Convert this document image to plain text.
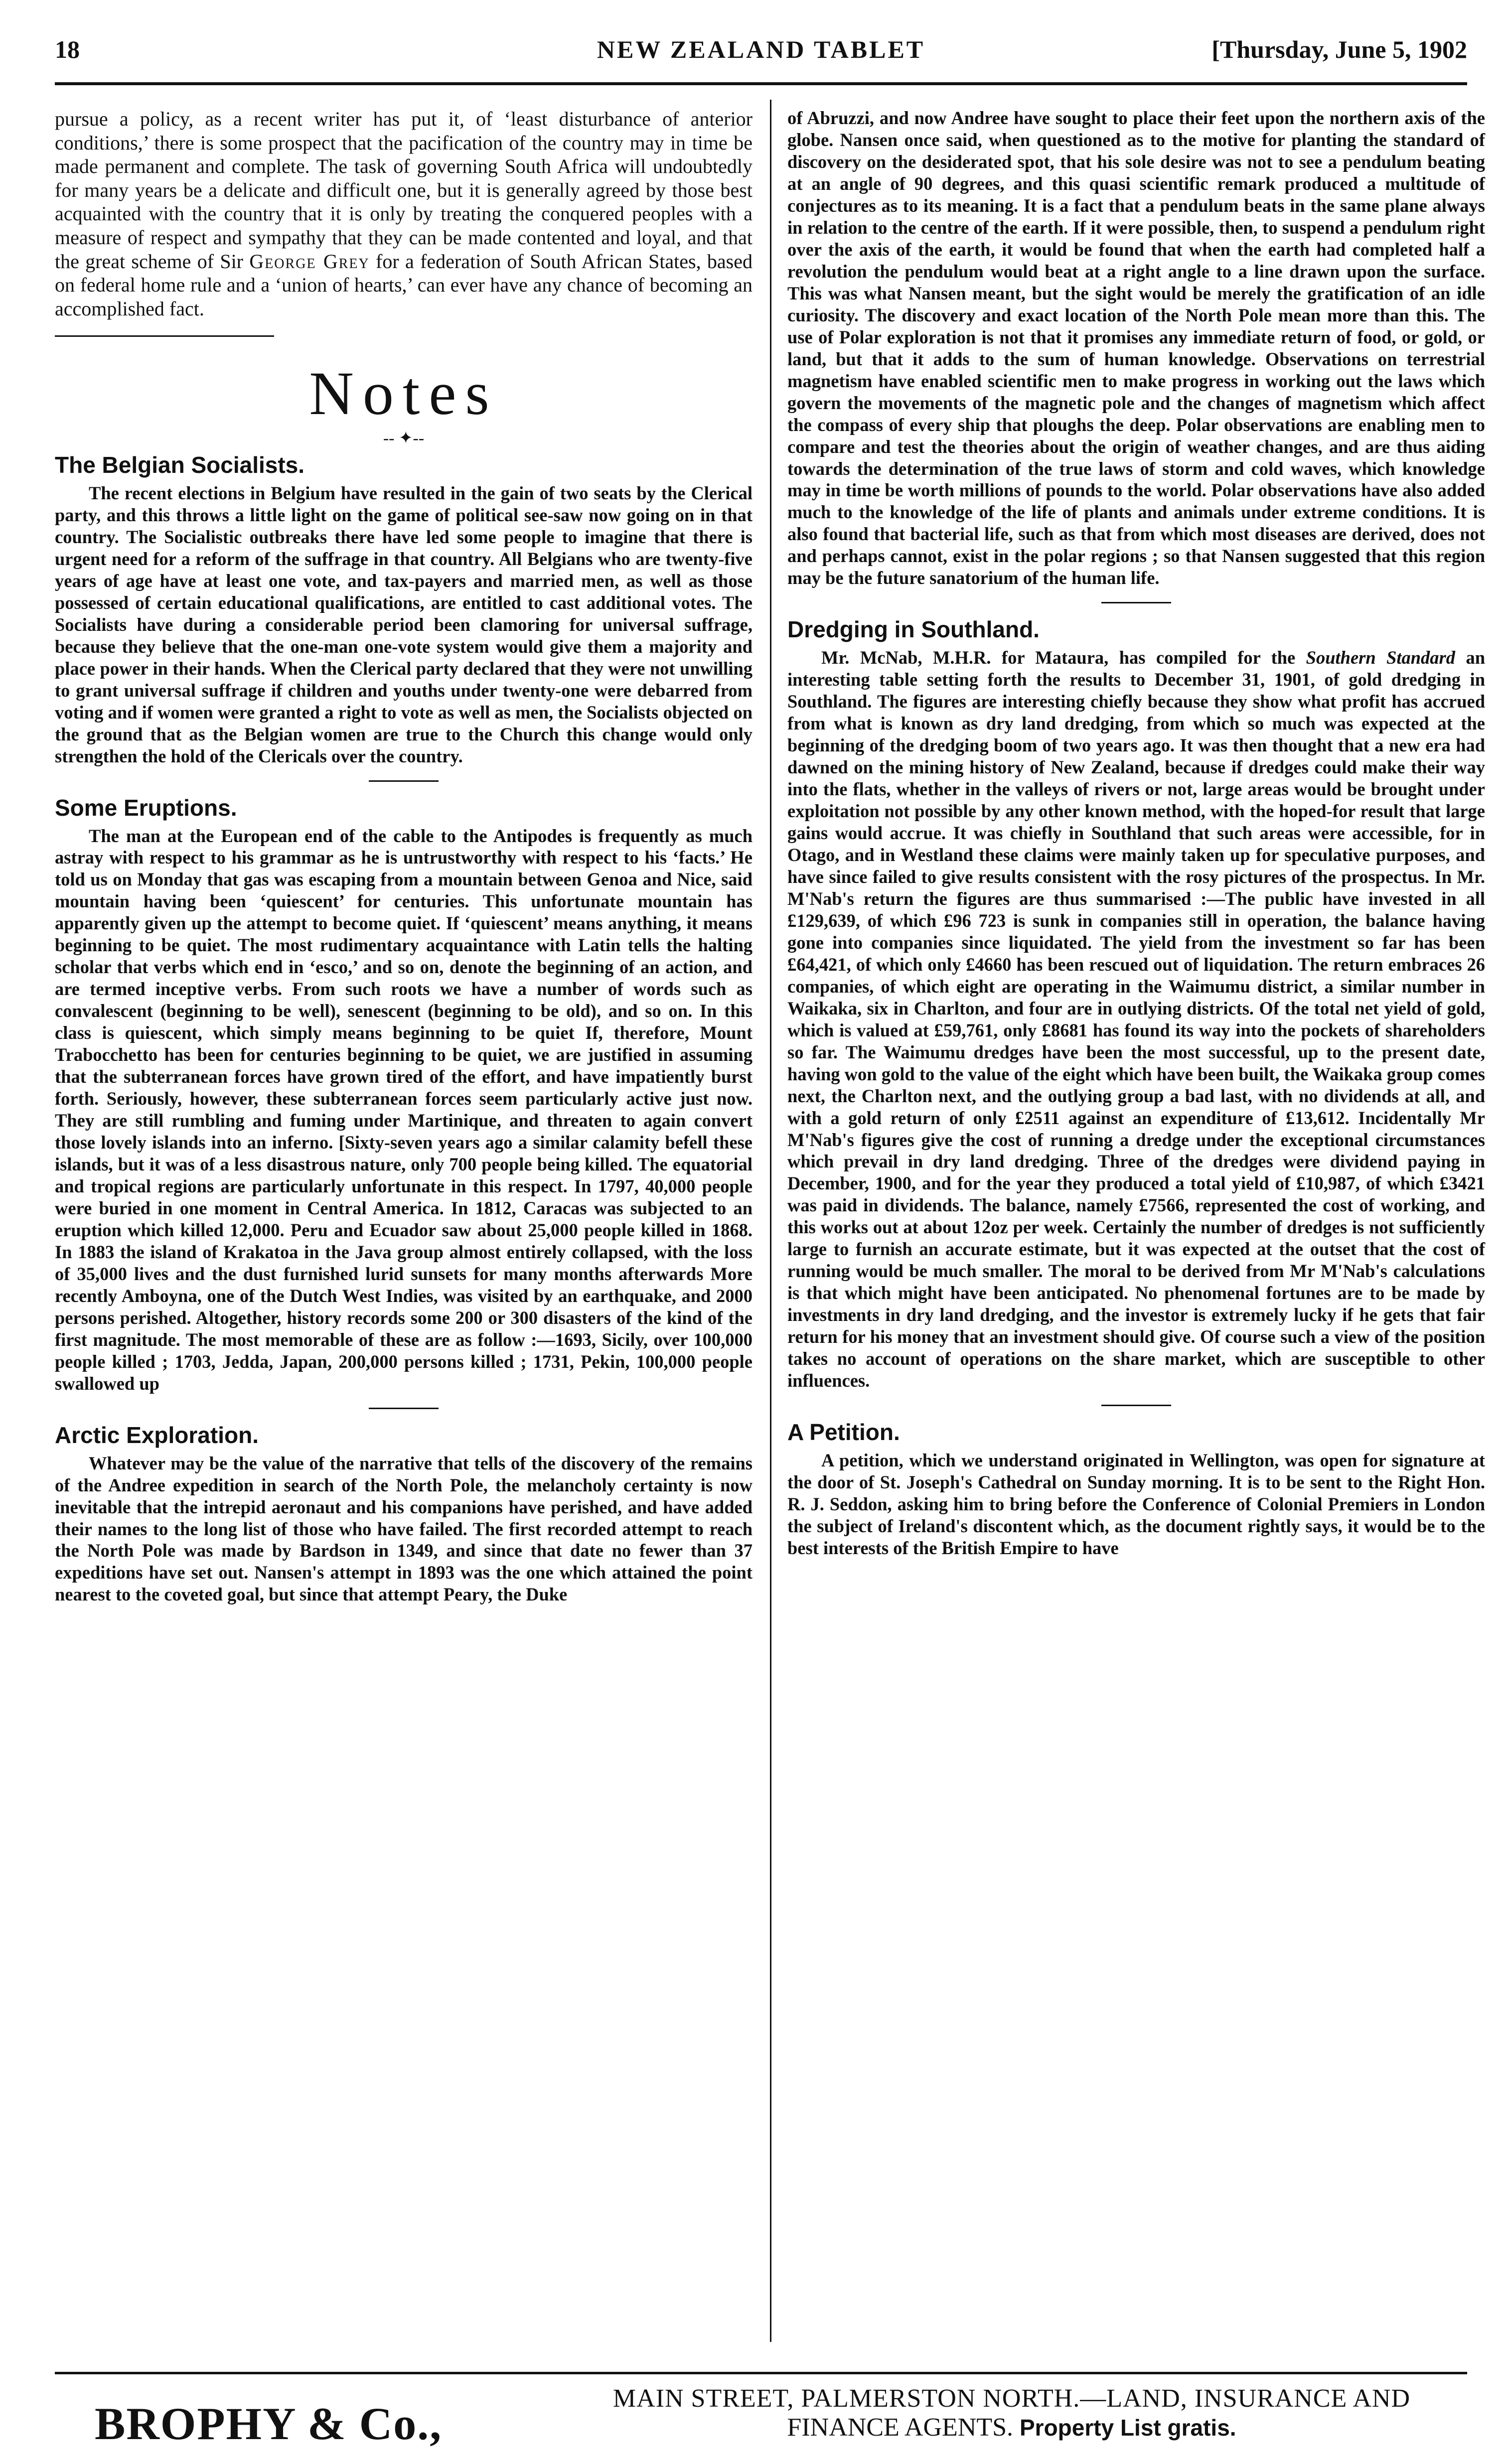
18	NEW ZEALAND TABLET	[Thursday, June 5, 1902

pursue a policy, as a recent writer has put it, of ‘least disturbance of anterior conditions,’ there is some prospect that the pacification of the country may in time be made permanent and complete. The task of governing South Africa will undoubtedly for many years be a delicate and difficult one, but it is generally agreed by those best acquainted with the country that it is only by treating the conquered peoples with a measure of respect and sympathy that they can be made contented and loyal, and that the great scheme of Sir George Grey for a federation of South African States, based on federal home rule and a ‘union of hearts,’ can ever have any chance of becoming an accomplished fact.

Notes
-- ✦--
The Belgian Socialists.

The recent elections in Belgium have resulted in the gain of two seats by the Clerical party, and this throws a little light on the game of political see-saw now going on in that country. The Socialistic outbreaks there have led some people to imagine that there is urgent need for a reform of the suffrage in that country. All Belgians who are twenty-five years of age have at least one vote, and tax-payers and married men, as well as those possessed of certain educational qualifications, are entitled to cast additional votes. The Socialists have during a considerable period been clamoring for universal suffrage, because they believe that the one-man one-vote system would give them a majority and place power in their hands. When the Clerical party declared that they were not unwilling to grant universal suffrage if children and youths under twenty-one were debarred from voting and if women were granted a right to vote as well as men, the Socialists objected on the ground that as the Belgian women are true to the Church this change would only strengthen the hold of the Clericals over the country.

Some Eruptions.

The man at the European end of the cable to the Antipodes is frequently as much astray with respect to his grammar as he is untrustworthy with respect to his ‘facts.’ He told us on Monday that gas was escaping from a mountain between Genoa and Nice, said mountain having been ‘quiescent’ for centuries. This unfortunate mountain has apparently given up the attempt to become quiet. If ‘quiescent’ means anything, it means beginning to be quiet. The most rudimentary acquaintance with Latin tells the halting scholar that verbs which end in ‘esco,’ and so on, denote the beginning of an action, and are termed inceptive verbs. From such roots we have a number of words such as convalescent (beginning to be well), senescent (beginning to be old), and so on. In this class is quiescent, which simply means beginning to be quiet If, therefore, Mount Trabocchetto has been for centuries beginning to be quiet, we are justified in assuming that the subterranean forces have grown tired of the effort, and have impatiently burst forth. Seriously, however, these subterranean forces seem particularly active just now. They are still rumbling and fuming under Martinique, and threaten to again convert those lovely islands into an inferno. [Sixty-seven years ago a similar calamity befell these islands, but it was of a less disastrous nature, only 700 people being killed. The equatorial and tropical regions are particularly unfortunate in this respect. In 1797, 40,000 people were buried in one moment in Central America. In 1812, Caracas was subjected to an eruption which killed 12,000. Peru and Ecuador saw about 25,000 people killed in 1868. In 1883 the island of Krakatoa in the Java group almost entirely collapsed, with the loss of 35,000 lives and the dust furnished lurid sunsets for many months afterwards More recently Amboyna, one of the Dutch West Indies, was visited by an earthquake, and 2000 persons perished. Altogether, history records some 200 or 300 disasters of the kind of the first magnitude. The most memorable of these are as follow :—1693, Sicily, over 100,000 people killed ; 1703, Jedda, Japan, 200,000 persons killed ; 1731, Pekin, 100,000 people swallowed up

Arctic Exploration.

Whatever may be the value of the narrative that tells of the discovery of the remains of the Andree expedition in search of the North Pole, the melancholy certainty is now inevitable that the intrepid aeronaut and his companions have perished, and have added their names to the long list of those who have failed. The first recorded attempt to reach the North Pole was made by Bardson in 1349, and since that date no fewer than 37 expeditions have set out. Nansen's attempt in 1893 was the one which attained the point nearest to the coveted goal, but since that attempt Peary, the Duke

of Abruzzi, and now Andree have sought to place their feet upon the northern axis of the globe. Nansen once said, when questioned as to the motive for planting the standard of discovery on the desiderated spot, that his sole desire was not to see a pendulum beating at an angle of 90 degrees, and this quasi scientific remark produced a multitude of conjectures as to its meaning. It is a fact that a pendulum beats in the same plane always in relation to the centre of the earth. If it were possible, then, to suspend a pendulum right over the axis of the earth, it would be found that when the earth had completed half a revolution the pendulum would beat at a right angle to a line drawn upon the surface. This was what Nansen meant, but the sight would be merely the gratification of an idle curiosity. The discovery and exact location of the North Pole mean more than this. The use of Polar exploration is not that it promises any immediate return of food, or gold, or land, but that it adds to the sum of human knowledge. Observations on terrestrial magnetism have enabled scientific men to make progress in working out the laws which govern the movements of the magnetic pole and the changes of magnetism which affect the compass of every ship that ploughs the deep. Polar observations are enabling men to compare and test the theories about the origin of weather changes, and are thus aiding towards the determination of the true laws of storm and cold waves, which knowledge may in time be worth millions of pounds to the world. Polar observations have also added much to the knowledge of the life of plants and animals under extreme conditions. It is also found that bacterial life, such as that from which most diseases are derived, does not and perhaps cannot, exist in the polar regions ; so that Nansen suggested that this region may be the future sanatorium of the human life.

Dredging in Southland.

Mr. McNab, M.H.R. for Mataura, has compiled for the Southern Standard an interesting table setting forth the results to December 31, 1901, of gold dredging in Southland. The figures are interesting chiefly because they show what profit has accrued from what is known as dry land dredging, from which so much was expected at the beginning of the dredging boom of two years ago. It was then thought that a new era had dawned on the mining history of New Zealand, because if dredges could make their way into the flats, whether in the valleys of rivers or not, large areas would be brought under exploitation not possible by any other known method, with the hoped-for result that large gains would accrue. It was chiefly in Southland that such areas were accessible, for in Otago, and in Westland these claims were mainly taken up for speculative purposes, and have since failed to give results consistent with the rosy pictures of the prospectus. In Mr. M'Nab's return the figures are thus summarised :—The public have invested in all £129,639, of which £96 723 is sunk in companies still in operation, the balance having gone into companies since liquidated. The yield from the investment so far has been £64,421, of which only £4660 has been rescued out of liquidation. The return embraces 26 companies, of which eight are operating in the Waimumu district, a similar number in Waikaka, six in Charlton, and four are in outlying districts. Of the total net yield of gold, which is valued at £59,761, only £8681 has found its way into the pockets of shareholders so far. The Waimumu dredges have been the most successful, up to the present date, having won gold to the value of the eight which have been built, the Waikaka group comes next, the Charlton next, and the outlying group a bad last, with no dividends at all, and with a gold return of only £2511 against an expenditure of £13,612. Incidentally Mr M'Nab's figures give the cost of running a dredge under the exceptional circumstances which prevail in dry land dredging. Three of the dredges were dividend paying in December, 1900, and for the year they produced a total yield of £10,987, of which £3421 was paid in dividends. The balance, namely £7566, represented the cost of working, and this works out at about 12oz per week. Certainly the number of dredges is not sufficiently large to furnish an accurate estimate, but it was expected at the outset that the cost of running would be much smaller. The moral to be derived from Mr M'Nab's calculations is that which might have been anticipated. No phenomenal fortunes are to be made by investments in dry land dredging, and the investor is extremely lucky if he gets that fair return for his money that an investment should give. Of course such a view of the position takes no account of operations on the share market, which are susceptible to other influences.

A Petition.

A petition, which we understand originated in Wellington, was open for signature at the door of St. Joseph's Cathedral on Sunday morning. It is to be sent to the Right Hon. R. J. Seddon, asking him to bring before the Conference of Colonial Premiers in London the subject of Ireland's discontent which, as the document rightly says, it would be to the best interests of the British Empire to have

BROPHY & Co.,	MAIN STREET, PALMERSTON NORTH.—LAND, INSURANCE AND
FINANCE AGENTS. Property List gratis.
